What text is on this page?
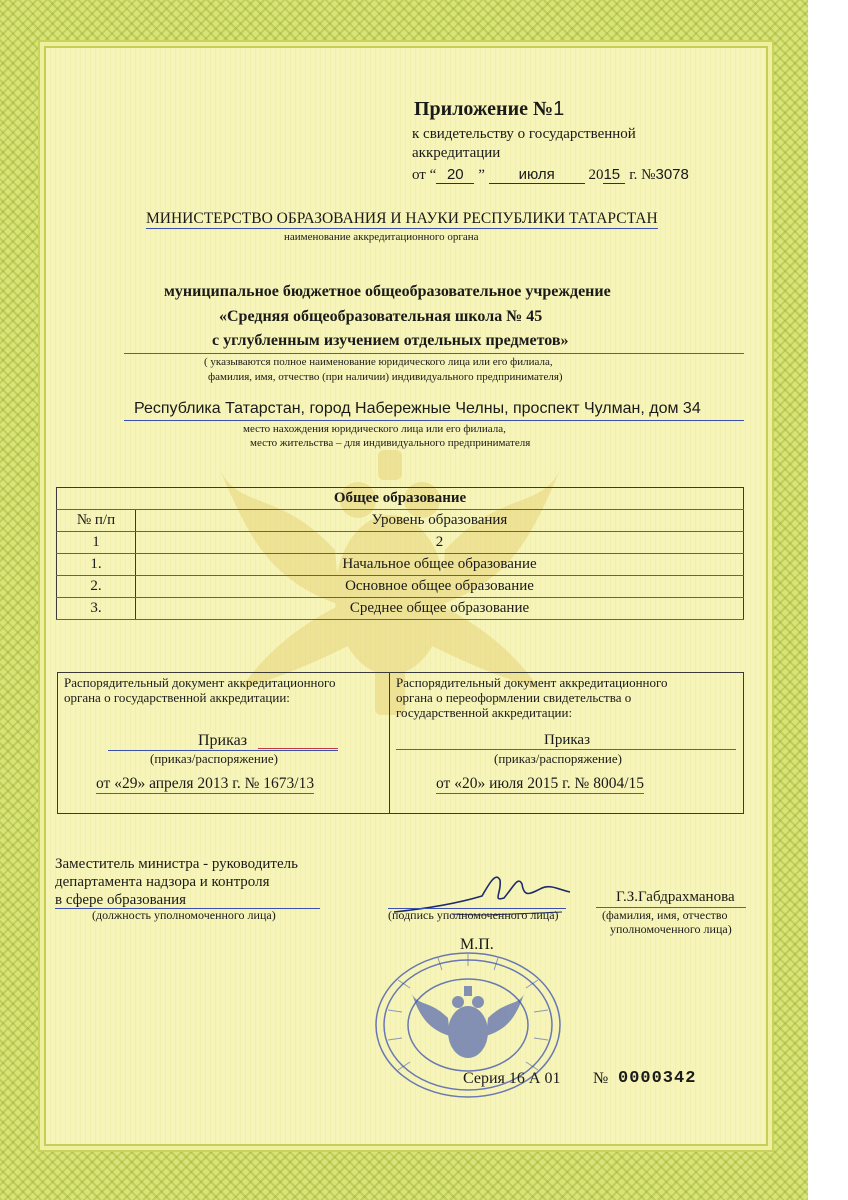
Приложение №1
к свидетельству о государственной
аккредитации
от “ 20 ” июля 2015 г. №3078
МИНИСТЕРСТВО ОБРАЗОВАНИЯ И НАУКИ РЕСПУБЛИКИ ТАТАРСТАН
наименование аккредитационного органа
муниципальное бюджетное общеобразовательное учреждение
«Средняя общеобразовательная школа № 45
с углубленным изучением отдельных предметов»
( указываются полное наименование юридического лица или его филиала,
фамилия, имя, отчество (при наличии) индивидуального предпринимателя)
Республика Татарстан, город Набережные Челны, проспект Чулман, дом 34
место нахождения юридического лица или его филиала,
место жительства – для индивидуального предпринимателя
Общее образование	
№ п/п	Уровень образования
1	2
1.	Начальное общее образование
2.	Основное общее образование
3.	Среднее общее образование
Распорядительный документ аккредитационного
органа о государственной аккредитации:
Приказ
(приказ/распоряжение)
от «29» апреля 2013 г. № 1673/13
Распорядительный документ аккредитационного
органа о переоформлении свидетельства о
государственной аккредитации:
Приказ
(приказ/распоряжение)
от «20» июля 2015 г. № 8004/15
Заместитель министра - руководитель
департамента надзора и контроля
в сфере образования
(должность уполномоченного лица)	(подпись уполномоченного лица)
Г.З.Габдрахманова
(фамилия, имя, отчество
уполномоченного лица)
М.П.
Серия 16 А 01 № 0000342
